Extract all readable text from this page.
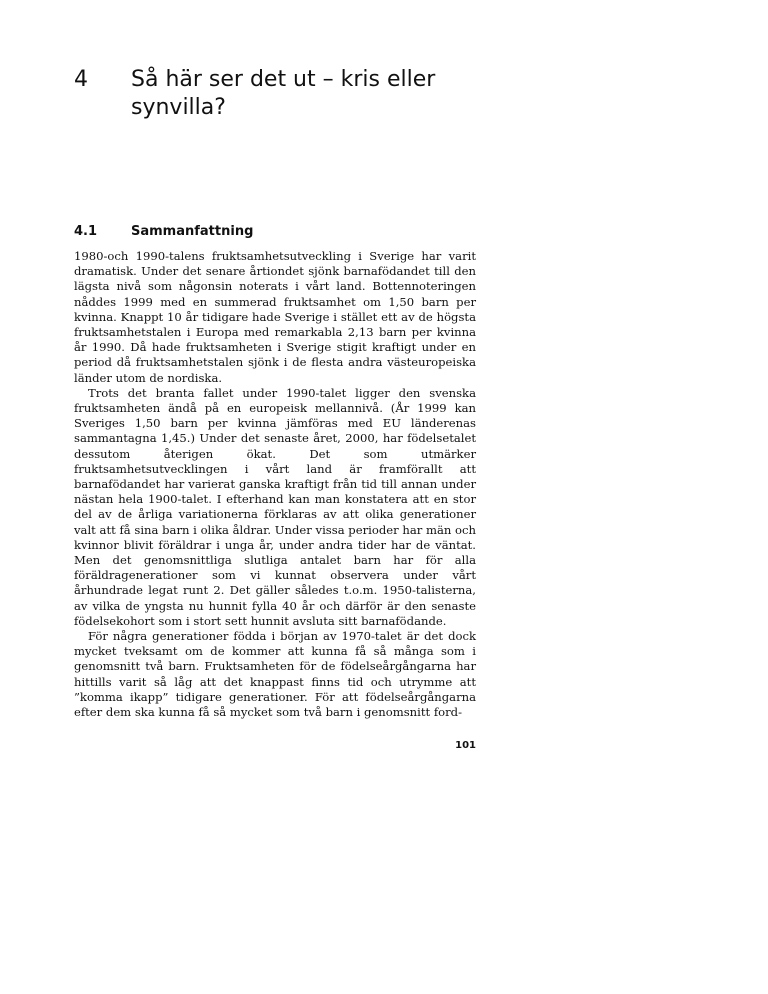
4 Så här ser det ut – kris eller synvilla?
4.1	Sammanfattning

1980-och 1990-talens fruktsamhetsutveckling i Sverige har varit dramatisk. Under det senare årtiondet sjönk barnafödandet till den lägsta nivå som någonsin noterats i vårt land. Bottennoteringen nåddes 1999 med en summerad fruktsamhet om 1,50 barn per kvinna. Knappt 10 år tidigare hade Sverige i stället ett av de högsta fruktsamhetstalen i Europa med remarkabla 2,13 barn per kvinna år 1990. Då hade fruktsamheten i Sverige stigit kraftigt under en period då fruktsamhetstalen sjönk i de flesta andra västeuropeiska länder utom de nordiska.

Trots det branta fallet under 1990-talet ligger den svenska fruktsamheten ändå på en europeisk mellannivå. (År 1999 kan Sveriges 1,50 barn per kvinna jämföras med EU länderenas sammantagna 1,45.) Under det senaste året, 2000, har födelsetalet dessutom återigen ökat. Det som utmärker fruktsamhetsutvecklingen i vårt land är framförallt att barnafödandet har varierat ganska kraftigt från tid till annan under nästan hela 1900-talet. I efterhand kan man konstatera att en stor del av de årliga variationerna förklaras av att olika generationer valt att få sina barn i olika åldrar. Under vissa perioder har män och kvinnor blivit föräldrar i unga år, under andra tider har de väntat. Men det genomsnittliga slutliga antalet barn har för alla föräldragenerationer som vi kunnat observera under vårt århundrade legat runt 2. Det gäller således t.o.m. 1950-talisterna, av vilka de yngsta nu hunnit fylla 40 år och därför är den senaste födelsekohort som i stort sett hunnit avsluta sitt barnafödande.

För några generationer födda i början av 1970-talet är det dock mycket tveksamt om de kommer att kunna få så många som i genomsnitt två barn. Fruktsamheten för de födelseårgångarna har hittills varit så låg att det knappast finns tid och utrymme att ”komma ikapp” tidigare generationer. För att födelseårgångarna efter dem ska kunna få så mycket som två barn i genomsnitt ford-

101
